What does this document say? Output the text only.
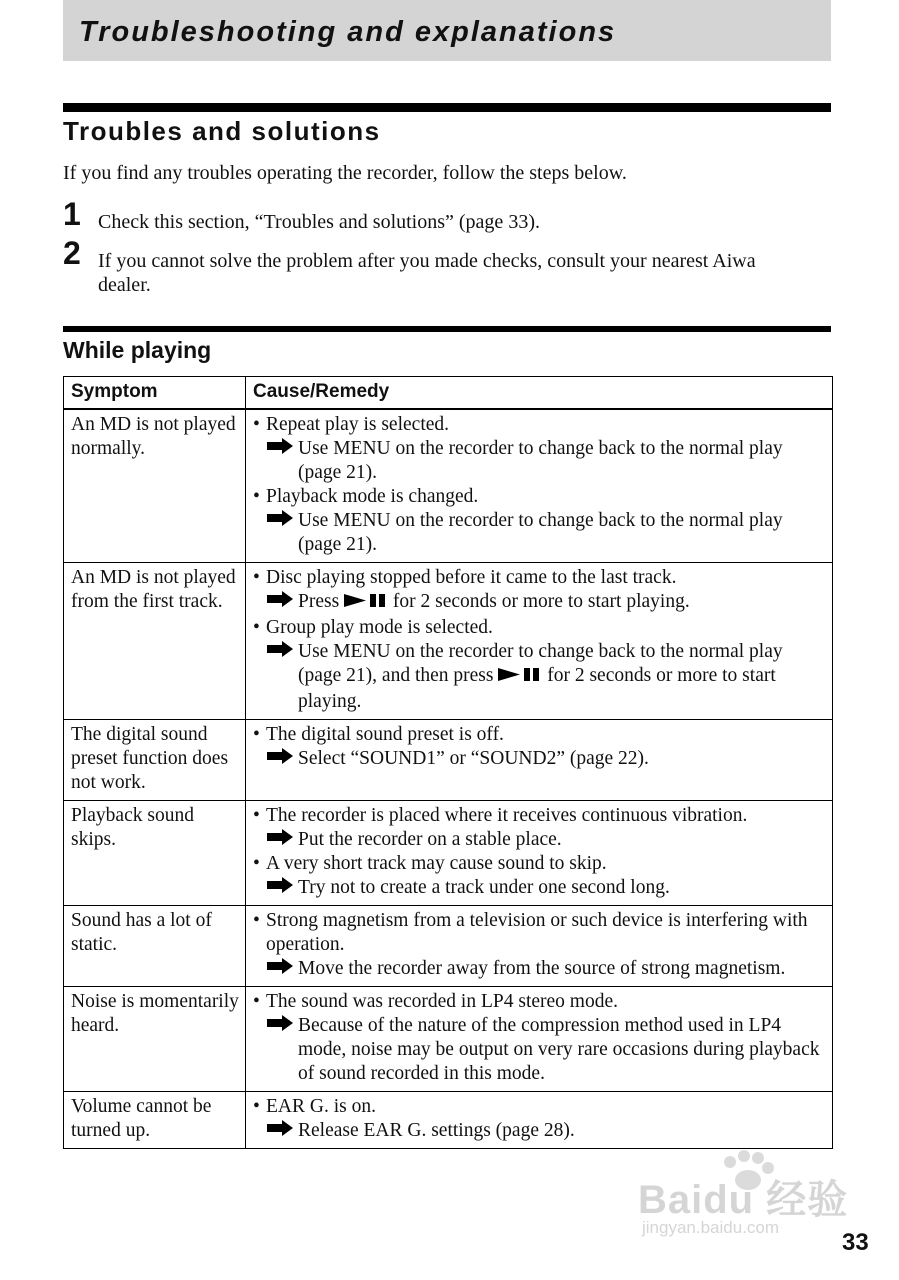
Troubleshooting and explanations
Troubles and solutions
If you find any troubles operating the recorder, follow the steps below.
1 Check this section, “Troubles and solutions” (page 33).
2 If you cannot solve the problem after you made checks, consult your nearest Aiwa dealer.
While playing
Symptom	Cause/Remedy
An MD is not played normally.	• Repeat play is selected.
Use MENU on the recorder to change back to the normal play (page 21).
• Playback mode is changed.
Use MENU on the recorder to change back to the normal play (page 21).

An MD is not played from the first track.	• Disc playing stopped before it came to the last track.
Press for 2 seconds or more to start playing.
• Group play mode is selected.
Use MENU on the recorder to change back to the normal play (page 21), and then press for 2 seconds or more to start playing.

The digital sound preset function does not work.	• The digital sound preset is off.
Select “SOUND1” or “SOUND2” (page 22).

Playback sound skips.	• The recorder is placed where it receives continuous vibration.
Put the recorder on a stable place.
• A very short track may cause sound to skip.
Try not to create a track under one second long.

Sound has a lot of static.	• Strong magnetism from a television or such device is interfering with operation.
Move the recorder away from the source of strong magnetism.

Noise is momentarily heard.	• The sound was recorded in LP4 stereo mode.
Because of the nature of the compression method used in LP4 mode, noise may be output on very rare occasions during playback of sound recorded in this mode.

Volume cannot be turned up.	• EAR G. is on.
Release EAR G. settings (page 28).
Baidu 经验
jingyan.baidu.com
33
